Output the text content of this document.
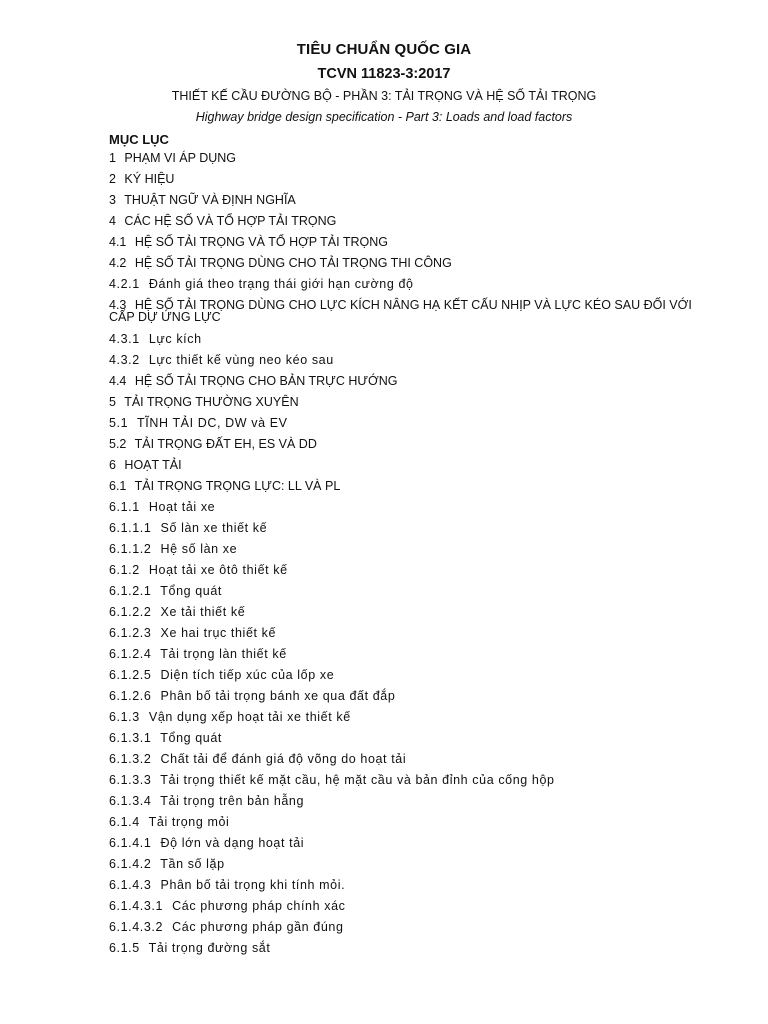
TIÊU CHUẨN QUỐC GIA
TCVN 11823-3:2017
THIẾT KẾ CẦU ĐƯỜNG BỘ - PHẦN 3: TẢI TRỌNG VÀ HỆ SỐ TẢI TRỌNG
Highway bridge design specification - Part 3: Loads and load factors
MỤC LỤC
1 PHẠM VI ÁP DỤNG
2 KÝ HIỆU
3 THUẬT NGỮ VÀ ĐỊNH NGHĨA
4 CÁC HỆ SỐ VÀ TỔ HỢP TẢI TRỌNG
4.1 HỆ SỐ TẢI TRỌNG VÀ TỔ HỢP TẢI TRỌNG
4.2 HỆ SỐ TẢI TRỌNG DÙNG CHO TẢI TRỌNG THI CÔNG
4.2.1 Đánh giá theo trạng thái giới hạn cường độ
4.3 HỆ SỐ TẢI TRỌNG DÙNG CHO LỰC KÍCH NÂNG HẠ KẾT CẤU NHỊP VÀ LỰC KÉO SAU ĐỐI VỚI CẤP DỰ ỨNG LỰC
4.3.1 Lực kích
4.3.2 Lực thiết kế vùng neo kéo sau
4.4 HỆ SỐ TẢI TRỌNG CHO BẢN TRỰC HƯỚNG
5 TẢI TRỌNG THƯỜNG XUYÊN
5.1 TĨNH TẢI DC, DW và EV
5.2 TẢI TRỌNG ĐẤT EH, ES VÀ DD
6 HOẠT TẢI
6.1 TẢI TRỌNG TRỌNG LỰC: LL VÀ PL
6.1.1 Hoạt tải xe
6.1.1.1 Số làn xe thiết kế
6.1.1.2 Hệ số làn xe
6.1.2 Hoạt tải xe ôtô thiết kế
6.1.2.1 Tổng quát
6.1.2.2 Xe tải thiết kế
6.1.2.3 Xe hai trục thiết kế
6.1.2.4 Tải trọng làn thiết kế
6.1.2.5 Diện tích tiếp xúc của lốp xe
6.1.2.6 Phân bố tải trọng bánh xe qua đất đắp
6.1.3 Vận dụng xếp hoạt tải xe thiết kế
6.1.3.1 Tổng quát
6.1.3.2 Chất tải để đánh giá độ võng do hoạt tải
6.1.3.3 Tải trọng thiết kế mặt cầu, hệ mặt cầu và bản đỉnh của cống hộp
6.1.3.4 Tải trọng trên bản hẫng
6.1.4 Tải trọng mỏi
6.1.4.1 Độ lớn và dạng hoạt tải
6.1.4.2 Tần số lặp
6.1.4.3 Phân bố tải trọng khi tính mỏi.
6.1.4.3.1 Các phương pháp chính xác
6.1.4.3.2 Các phương pháp gần đúng
6.1.5 Tải trọng đường sắt
